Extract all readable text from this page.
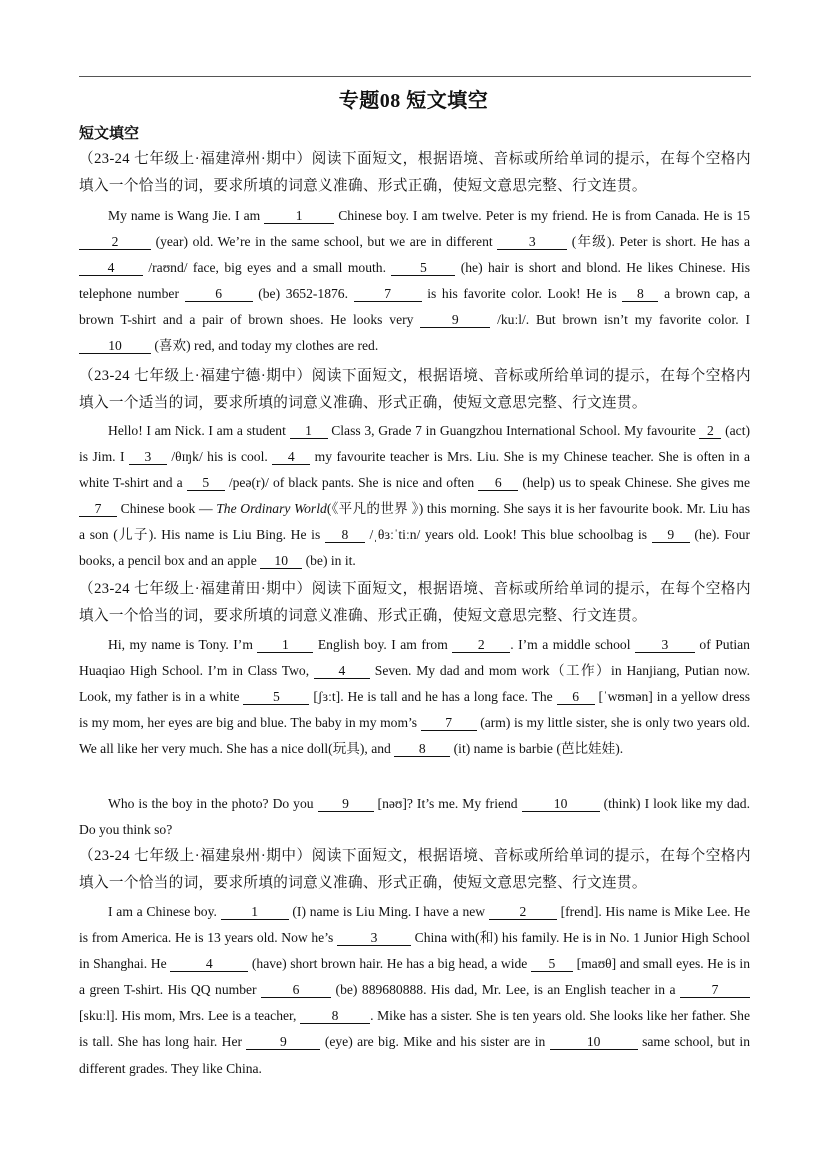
专题08 短文填空
短文填空
（23-24 七年级上·福建漳州·期中）阅读下面短文，根据语境、音标或所给单词的提示，在每个空格内填入一个恰当的词，要求所填的词意义准确、形式正确，使短文意思完整、行文连贯。
My name is Wang Jie. I am 1 Chinese boy. I am twelve. Peter is my friend. He is from Canada. He is 15 2 (year) old. We’re in the same school, but we are in different 3 (年级). Peter is short. He has a 4 /raʊnd/ face, big eyes and a small mouth. 5 (he) hair is short and blond. He likes Chinese. His telephone number 6 (be) 3652-1876. 7 is his favorite color. Look! He is 8 a brown cap, a brown T-shirt and a pair of brown shoes. He looks very 9 /kuːl/. But brown isn’t my favorite color. I 10 (喜欢) red, and today my clothes are red.
（23-24 七年级上·福建宁德·期中）阅读下面短文，根据语境、音标或所给单词的提示，在每个空格内填入一个适当的词，要求所填的词意义准确、形式正确，使短文意思完整、行文连贯。
Hello! I am Nick. I am a student 1 Class 3, Grade 7 in Guangzhou International School. My favourite 2 (act) is Jim. I 3 /θɪŋk/ his is cool. 4 my favourite teacher is Mrs. Liu. She is my Chinese teacher. She is often in a white T-shirt and a 5 /peə(r)/ of black pants. She is nice and often 6 (help) us to speak Chinese. She gives me 7 Chinese book — The Ordinary World(《平凡的世界 》) this morning. She says it is her favourite book. Mr. Liu has a son (儿子). His name is Liu Bing. He is 8 /ˌθɜːˈtiːn/ years old. Look! This blue schoolbag is 9 (he). Four books, a pencil box and an apple 10 (be) in it.
（23-24 七年级上·福建莆田·期中）阅读下面短文，根据语境、音标或所给单词的提示，在每个空格内填入一个恰当的词，要求所填的词意义准确、形式正确，使短文意思完整、行文连贯。
Hi, my name is Tony. I’m 1 English boy. I am from 2 . I’m a middle school 3 of Putian Huaqiao High School. I’m in Class Two, 4 Seven. My dad and mom work（工作）in Hanjiang, Putian now. Look, my father is in a white 5 [ʃɜːt]. He is tall and he has a long face. The 6 [ˈwʊmən] in a yellow dress is my mom, her eyes are big and blue. The baby in my mom’s 7 (arm) is my little sister, she is only two years old. We all like her very much. She has a nice doll(玩具), and 8 (it) name is barbie (芭比娃娃).
Who is the boy in the photo? Do you 9 [nəʊ]? It’s me. My friend 10 (think) I look like my dad. Do you think so?
（23-24 七年级上·福建泉州·期中）阅读下面短文，根据语境、音标或所给单词的提示，在每个空格内填入一个恰当的词，要求所填的词意义准确、形式正确，使短文意思完整、行文连贯。
I am a Chinese boy. 1 (I) name is Liu Ming. I have a new 2 [frend]. His name is Mike Lee. He is from America. He is 13 years old. Now he’s 3 China with(和) his family. He is in No. 1 Junior High School in Shanghai. He	4	(have) short brown hair. He has a big head, a wide 5 [maʊθ] and small eyes. He is in a green T-shirt. His QQ number 6 (be) 889680888. His dad, Mr. Lee, is an English teacher in a 7 [skuːl]. His mom, Mrs. Lee is a teacher, 8 . Mike has a sister. She is ten years old. She looks like her father. She is tall. She has long hair. Her 9 (eye) are big. Mike and his sister are in	10	same school, but in different grades. They like China.
